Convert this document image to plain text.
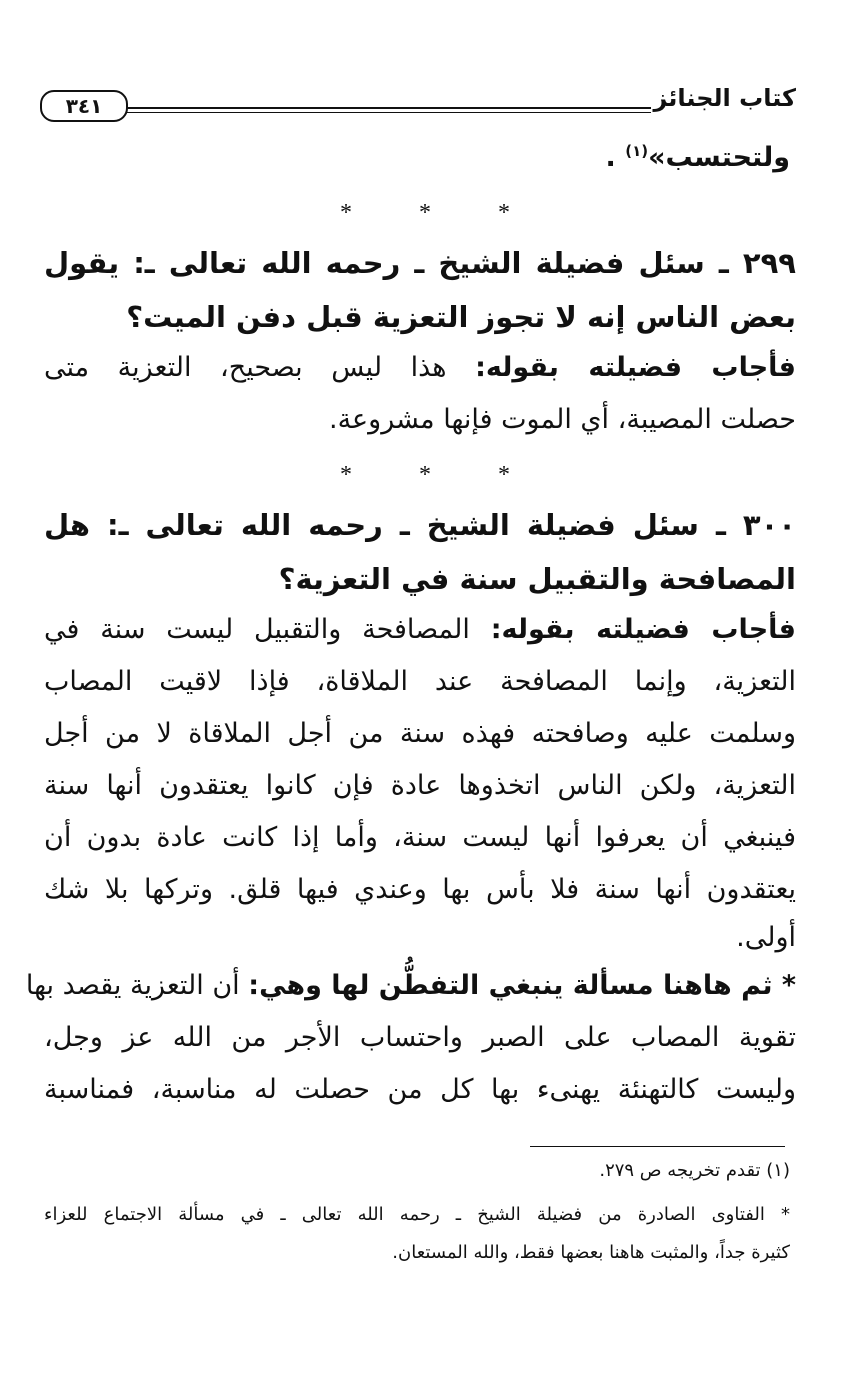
كتاب الجنائز
٣٤١
ولتحتسب»$^{(١)}$ .
*	*	*
٢٩٩ ـ سئل فضيلة الشيخ ـ رحمه الله تعالى ـ: يقول
بعض الناس إنه لا تجوز التعزية قبل دفن الميت؟
فأجاب فضيلته بقوله: هذا ليس بصحيح، التعزية متى
حصلت المصيبة، أي الموت فإنها مشروعة.
*	*	*
٣٠٠ ـ سئل فضيلة الشيخ ـ رحمه الله تعالى ـ: هل
المصافحة والتقبيل سنة في التعزية؟
فأجاب فضيلته بقوله: المصافحة والتقبيل ليست سنة في
التعزية، وإنما المصافحة عند الملاقاة، فإذا لاقيت المصاب
وسلمت عليه وصافحته فهذه سنة من أجل الملاقاة لا من أجل
التعزية، ولكن الناس اتخذوها عادة فإن كانوا يعتقدون أنها سنة
فينبغي أن يعرفوا أنها ليست سنة، وأما إذا كانت عادة بدون أن
يعتقدون أنها سنة فلا بأس بها وعندي فيها قلق. وتركها بلا شك
أولى.
* ثم هاهنا مسألة ينبغي التفطُّن لها وهي: أن التعزية يقصد بها
تقوية المصاب على الصبر واحتساب الأجر من الله عز وجل،
وليست كالتهنئة يهنىء بها كل من حصلت له مناسبة، فمناسبة
(١) تقدم تخريجه ص ٢٧٩.
* الفتاوى الصادرة من فضيلة الشيخ ـ رحمه الله تعالى ـ في مسألة الاجتماع للعزاء
كثيرة جداً، والمثبت هاهنا بعضها فقط، والله المستعان.
